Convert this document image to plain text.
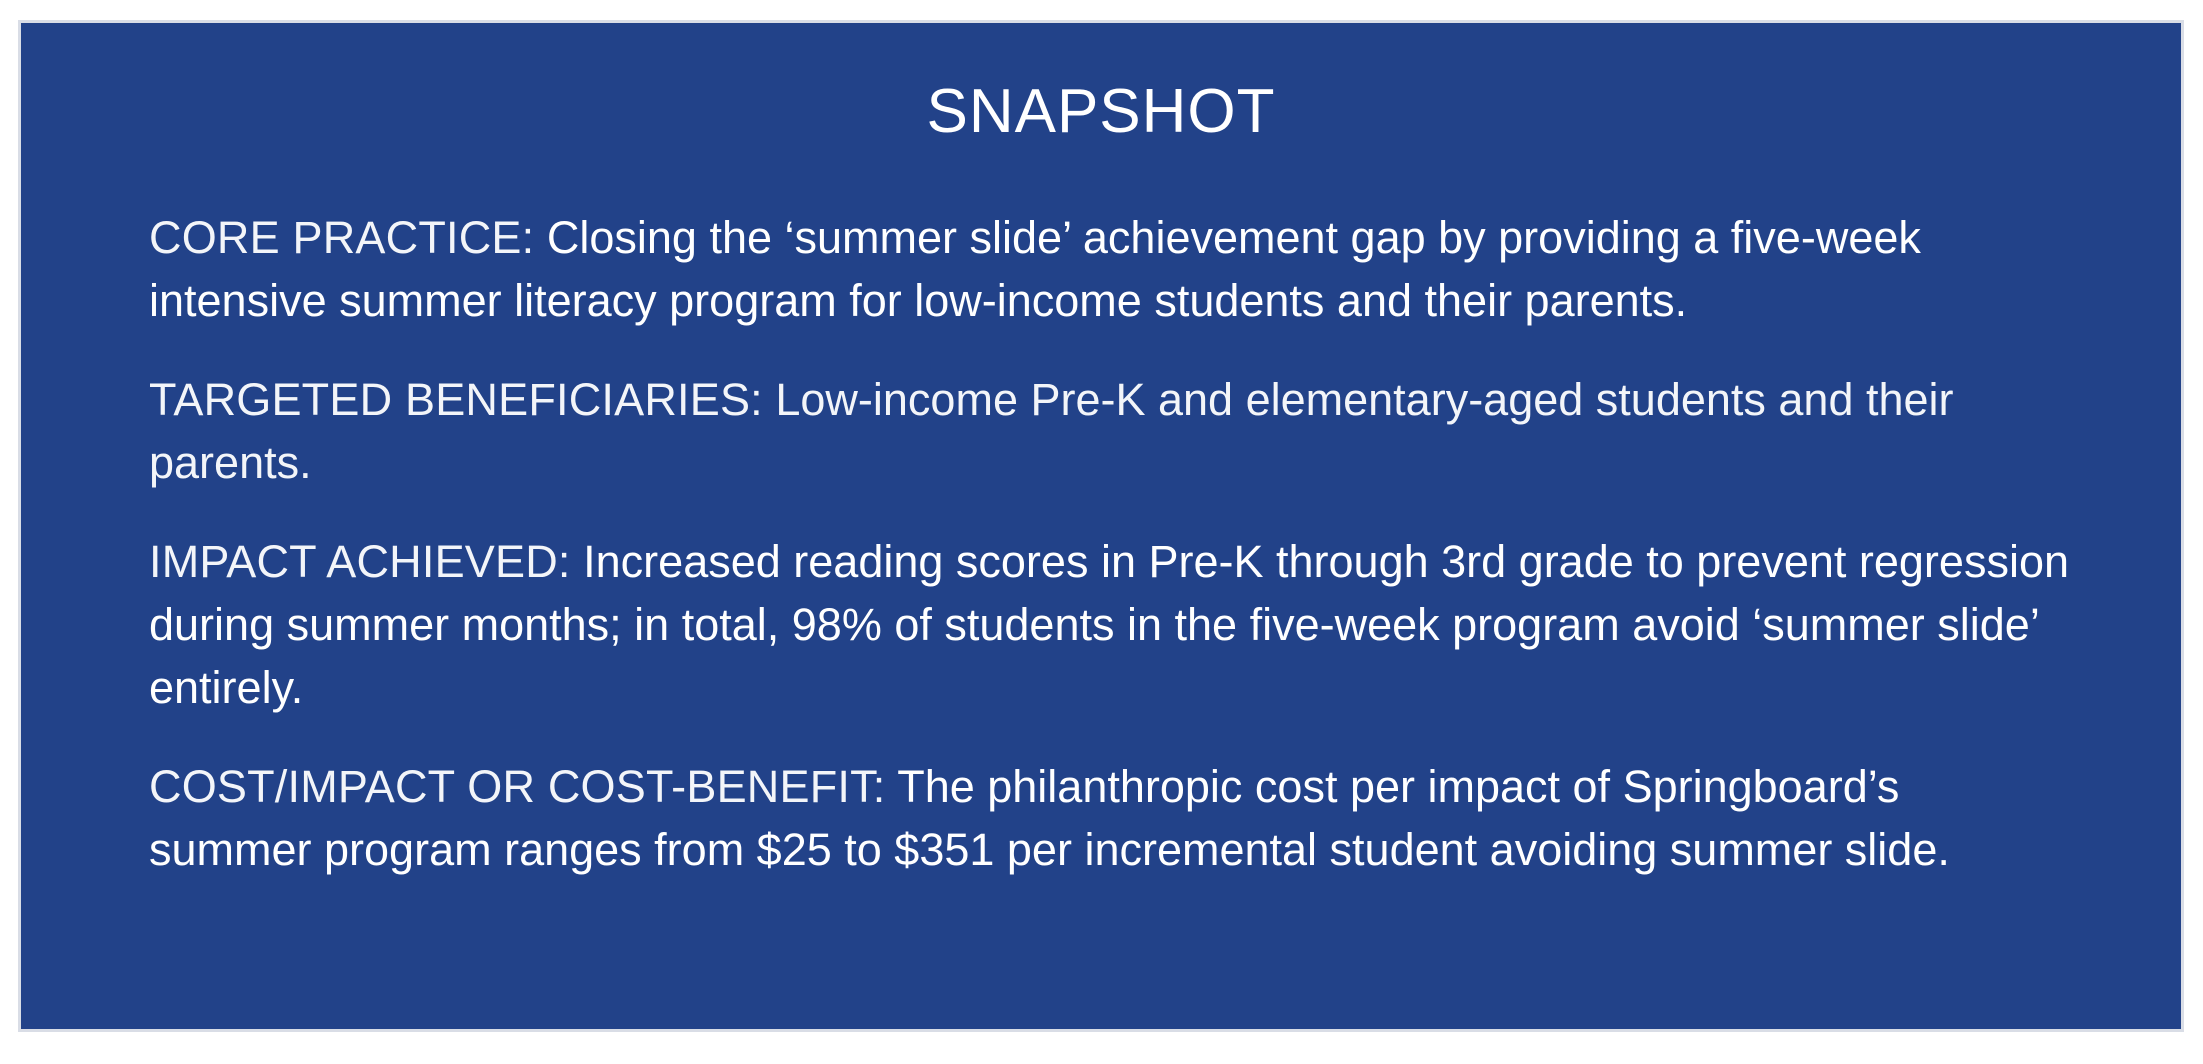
SNAPSHOT

CORE PRACTICE: Closing the ‘summer slide’ achievement gap by providing a five-week intensive summer literacy program for low-income students and their parents.

TARGETED BENEFICIARIES: Low-income Pre-K and elementary-aged students and their parents.

IMPACT ACHIEVED: Increased reading scores in Pre-K through 3rd grade to prevent regression during summer months; in total, 98% of students in the five-week program avoid ‘summer slide’ entirely.

COST/IMPACT OR COST-BENEFIT: The philanthropic cost per impact of Springboard’s summer program ranges from $25 to $351 per incremental student avoiding summer slide.
